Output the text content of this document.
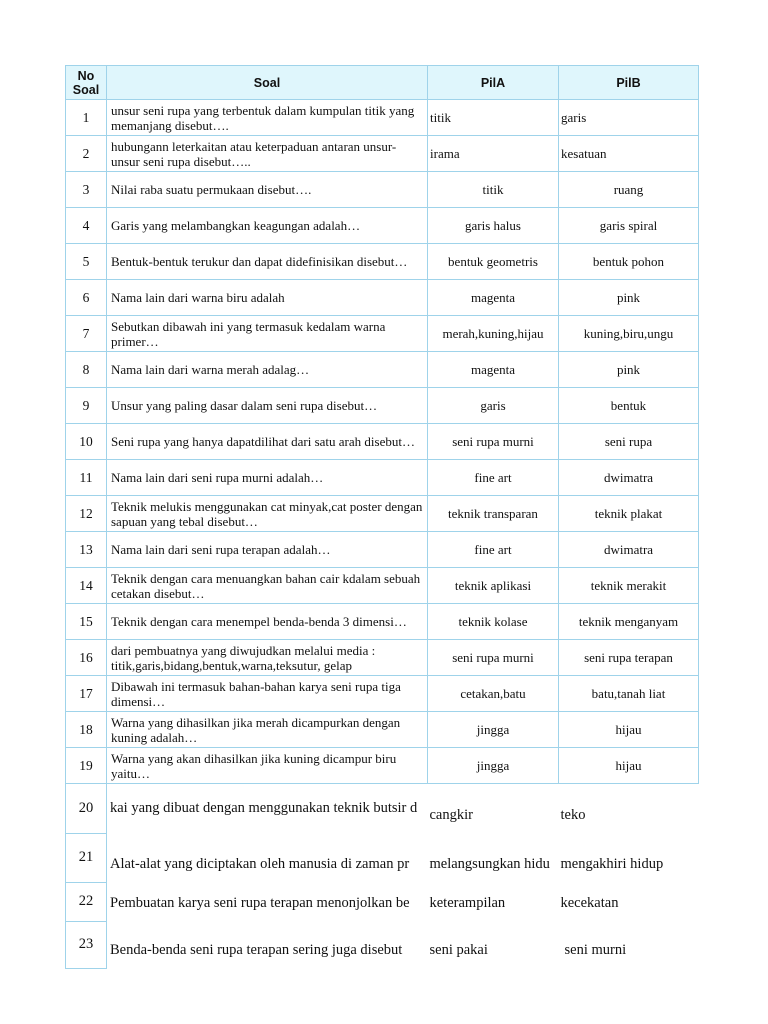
No Soal	Soal	PilA	PilB
1	unsur seni rupa yang terbentuk dalam kumpulan titik yang memanjang disebut….	titik	garis
2	hubungann leterkaitan atau keterpaduan antaran unsur-unsur seni rupa disebut…..	irama	kesatuan
3	Nilai raba suatu permukaan disebut….	titik	ruang
4	Garis yang melambangkan keagungan adalah…	garis halus	garis spiral
5	Bentuk-bentuk terukur dan dapat didefinisikan disebut…	bentuk geometris	bentuk pohon
6	Nama lain dari warna biru adalah	magenta	pink
7	Sebutkan dibawah ini yang termasuk kedalam warna primer…	merah,kuning,hijau	kuning,biru,ungu
8	Nama lain dari warna merah adalag…	magenta	pink
9	Unsur yang paling dasar dalam seni rupa disebut…	garis	bentuk
10	Seni rupa yang hanya dapatdilihat dari satu arah disebut…	seni rupa murni	seni rupa
11	Nama lain dari seni rupa murni adalah…	fine art	dwimatra
12	Teknik melukis menggunakan cat minyak,cat poster dengan sapuan yang tebal disebut…	teknik transparan	teknik plakat
13	Nama lain dari seni rupa terapan adalah…	fine art	dwimatra
14	Teknik dengan cara menuangkan bahan cair kdalam sebuah cetakan disebut…	teknik aplikasi	teknik merakit
15	Teknik dengan cara menempel benda-benda 3 dimensi…	teknik kolase	teknik menganyam
16	dari pembuatnya yang diwujudkan melalui media : titik,garis,bidang,bentuk,warna,teksutur, gelap	seni rupa murni	seni rupa terapan
17	Dibawah ini termasuk bahan-bahan karya seni rupa tiga dimensi…	cetakan,batu	batu,tanah liat
18	Warna yang dihasilkan jika merah dicampurkan dengan kuning adalah…	jingga	hijau
19	Warna yang akan dihasilkan jika kuning dicampur biru yaitu…	jingga	hijau
20	kai yang dibuat dengan menggunakan teknik butsir d	cangkir	teko
21	Alat-alat yang diciptakan oleh manusia di zaman pr	melangsungkan hidu	mengakhiri hidup
22	Pembuatan karya seni rupa terapan menonjolkan be	keterampilan	kecekatan
23	Benda-benda seni rupa terapan sering juga disebut	seni pakai	seni murni
